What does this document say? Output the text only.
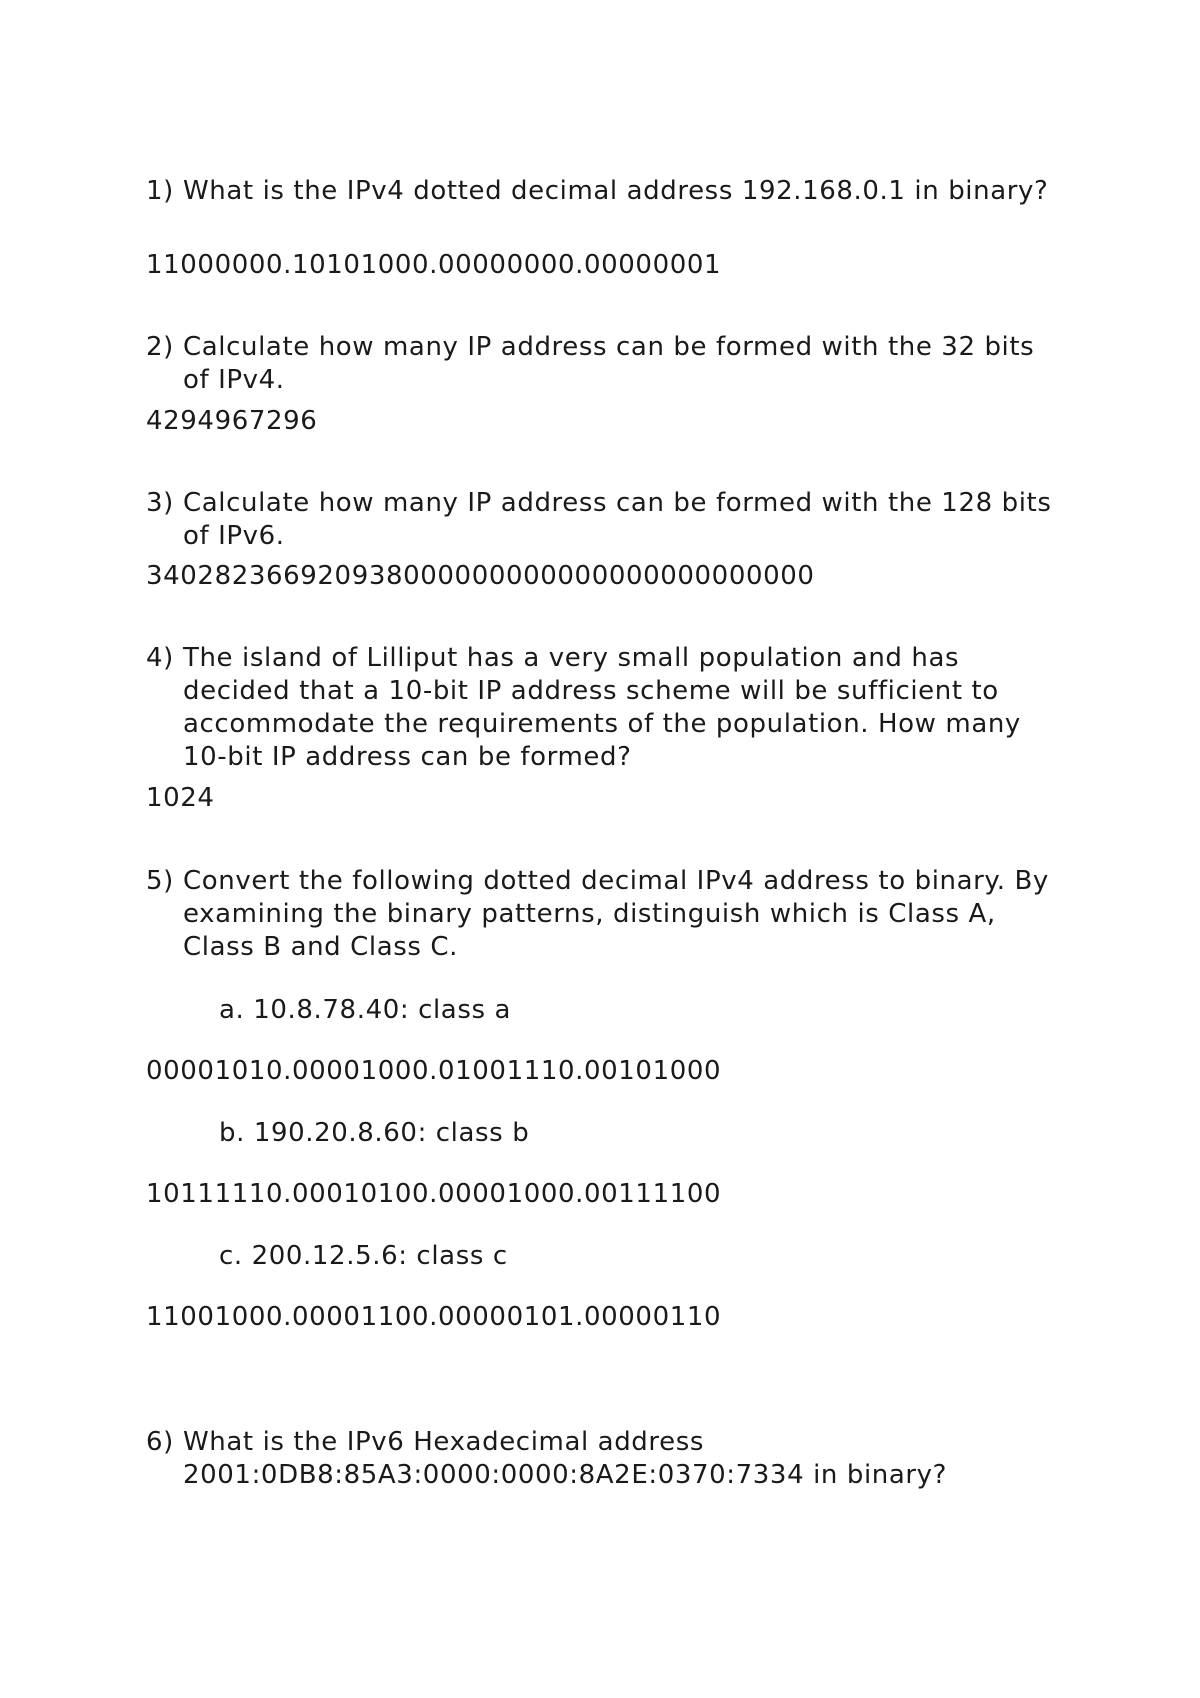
1) What is the IPv4 dotted decimal address 192.168.0.1 in binary?
11000000.10101000.00000000.00000001
2) Calculate how many IP address can be formed with the 32 bits of IPv4.
4294967296
3) Calculate how many IP address can be formed with the 128 bits of IPv6.
340282366920938000000000000000000000000
4) The island of Lilliput has a very small population and has decided that a 10-bit IP address scheme will be sufficient to accommodate the requirements of the population. How many 10-bit IP address can be formed?
1024
5) Convert the following dotted decimal IPv4 address to binary. By examining the binary patterns, distinguish which is Class A, Class B and Class C.
a. 10.8.78.40: class a
00001010.00001000.01001110.00101000
b. 190.20.8.60: class b
10111110.00010100.00001000.00111100
c. 200.12.5.6: class c
11001000.00001100.00000101.00000110
6) What is the IPv6 Hexadecimal address 2001:0DB8:85A3:0000:0000:8A2E:0370:7334 in binary?
